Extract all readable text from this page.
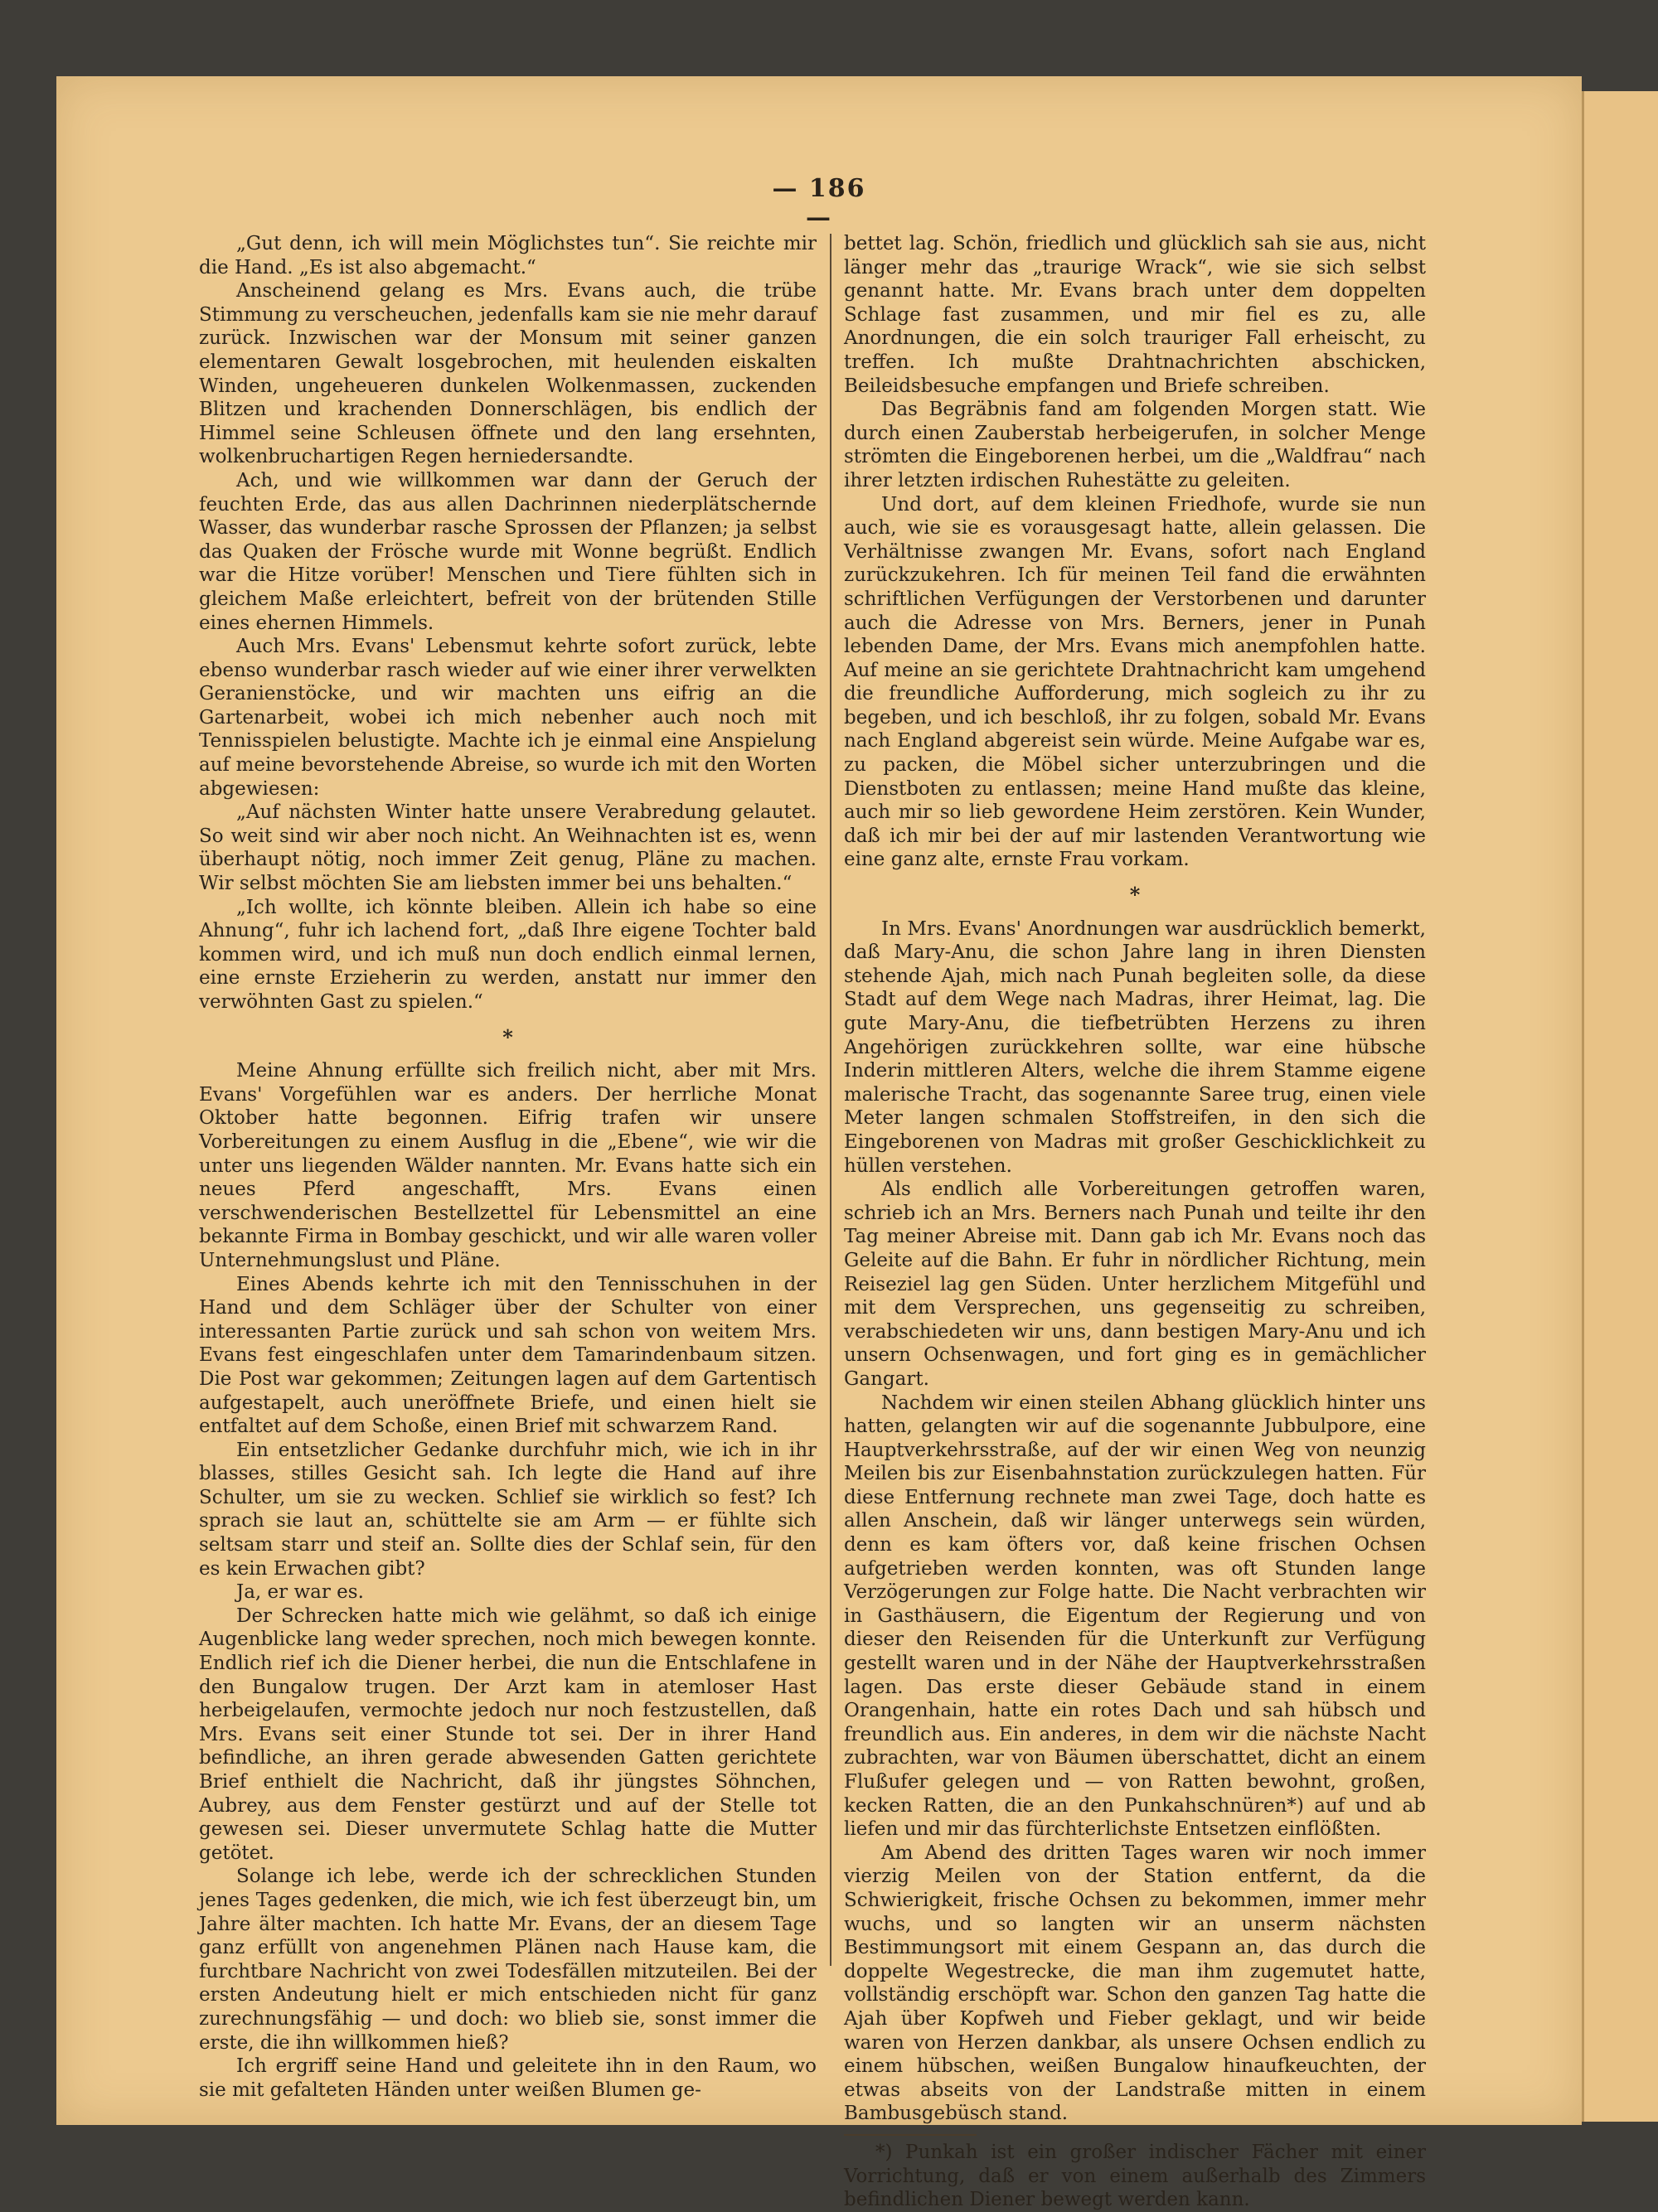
— 186 —

„Gut denn, ich will mein Möglichstes tun“. Sie reichte mir die Hand. „Es ist also abgemacht.“

Anscheinend gelang es Mrs. Evans auch, die trübe Stimmung zu verscheuchen, jedenfalls kam sie nie mehr darauf zurück. Inzwischen war der Monsum mit seiner ganzen elementaren Gewalt losgebrochen, mit heulenden eiskalten Winden, ungeheueren dunkelen Wolkenmassen, zuckenden Blitzen und krachenden Donnerschlägen, bis endlich der Himmel seine Schleusen öffnete und den lang ersehnten, wolkenbruchartigen Regen herniedersandte.

Ach, und wie willkommen war dann der Geruch der feuchten Erde, das aus allen Dachrinnen niederplätschernde Wasser, das wunderbar rasche Sprossen der Pflanzen; ja selbst das Quaken der Frösche wurde mit Wonne begrüßt. Endlich war die Hitze vorüber! Menschen und Tiere fühlten sich in gleichem Maße erleichtert, befreit von der brütenden Stille eines ehernen Himmels.

Auch Mrs. Evans' Lebensmut kehrte sofort zurück, lebte ebenso wunderbar rasch wieder auf wie einer ihrer verwelkten Geranienstöcke, und wir machten uns eifrig an die Gartenarbeit, wobei ich mich nebenher auch noch mit Tennisspielen belustigte. Machte ich je einmal eine Anspielung auf meine bevorstehende Abreise, so wurde ich mit den Worten abgewiesen:

„Auf nächsten Winter hatte unsere Verabredung gelautet. So weit sind wir aber noch nicht. An Weihnachten ist es, wenn überhaupt nötig, noch immer Zeit genug, Pläne zu machen. Wir selbst möchten Sie am liebsten immer bei uns behalten.“

„Ich wollte, ich könnte bleiben. Allein ich habe so eine Ahnung“, fuhr ich lachend fort, „daß Ihre eigene Tochter bald kommen wird, und ich muß nun doch endlich einmal lernen, eine ernste Erzieherin zu werden, anstatt nur immer den verwöhnten Gast zu spielen.“

*

Meine Ahnung erfüllte sich freilich nicht, aber mit Mrs. Evans' Vorgefühlen war es anders. Der herrliche Monat Oktober hatte begonnen. Eifrig trafen wir unsere Vorbereitungen zu einem Ausflug in die „Ebene“, wie wir die unter uns liegenden Wälder nannten. Mr. Evans hatte sich ein neues Pferd angeschafft, Mrs. Evans einen verschwenderischen Bestellzettel für Lebensmittel an eine bekannte Firma in Bombay geschickt, und wir alle waren voller Unternehmungslust und Pläne.

Eines Abends kehrte ich mit den Tennisschuhen in der Hand und dem Schläger über der Schulter von einer interessanten Partie zurück und sah schon von weitem Mrs. Evans fest eingeschlafen unter dem Tamarindenbaum sitzen. Die Post war gekommen; Zeitungen lagen auf dem Gartentisch aufgestapelt, auch uneröffnete Briefe, und einen hielt sie entfaltet auf dem Schoße, einen Brief mit schwarzem Rand.

Ein entsetzlicher Gedanke durchfuhr mich, wie ich in ihr blasses, stilles Gesicht sah. Ich legte die Hand auf ihre Schulter, um sie zu wecken. Schlief sie wirklich so fest? Ich sprach sie laut an, schüttelte sie am Arm — er fühlte sich seltsam starr und steif an. Sollte dies der Schlaf sein, für den es kein Erwachen gibt?

Ja, er war es.

Der Schrecken hatte mich wie gelähmt, so daß ich einige Augenblicke lang weder sprechen, noch mich bewegen konnte. Endlich rief ich die Diener herbei, die nun die Entschlafene in den Bungalow trugen. Der Arzt kam in atemloser Hast herbeigelaufen, vermochte jedoch nur noch festzustellen, daß Mrs. Evans seit einer Stunde tot sei. Der in ihrer Hand befindliche, an ihren gerade abwesenden Gatten gerichtete Brief enthielt die Nachricht, daß ihr jüngstes Söhnchen, Aubrey, aus dem Fenster gestürzt und auf der Stelle tot gewesen sei. Dieser unvermutete Schlag hatte die Mutter getötet.

Solange ich lebe, werde ich der schrecklichen Stunden jenes Tages gedenken, die mich, wie ich fest überzeugt bin, um Jahre älter machten. Ich hatte Mr. Evans, der an diesem Tage ganz erfüllt von angenehmen Plänen nach Hause kam, die furchtbare Nachricht von zwei Todesfällen mitzuteilen. Bei der ersten Andeutung hielt er mich entschieden nicht für ganz zurechnungsfähig — und doch: wo blieb sie, sonst immer die erste, die ihn willkommen hieß?

Ich ergriff seine Hand und geleitete ihn in den Raum, wo sie mit gefalteten Händen unter weißen Blumen ge-

bettet lag. Schön, friedlich und glücklich sah sie aus, nicht länger mehr das „traurige Wrack“, wie sie sich selbst genannt hatte. Mr. Evans brach unter dem doppelten Schlage fast zusammen, und mir fiel es zu, alle Anordnungen, die ein solch trauriger Fall erheischt, zu treffen. Ich mußte Drahtnachrichten abschicken, Beileidsbesuche empfangen und Briefe schreiben.

Das Begräbnis fand am folgenden Morgen statt. Wie durch einen Zauberstab herbeigerufen, in solcher Menge strömten die Eingeborenen herbei, um die „Waldfrau“ nach ihrer letzten irdischen Ruhestätte zu geleiten.

Und dort, auf dem kleinen Friedhofe, wurde sie nun auch, wie sie es vorausgesagt hatte, allein gelassen. Die Verhältnisse zwangen Mr. Evans, sofort nach England zurückzukehren. Ich für meinen Teil fand die erwähnten schriftlichen Verfügungen der Verstorbenen und darunter auch die Adresse von Mrs. Berners, jener in Punah lebenden Dame, der Mrs. Evans mich anempfohlen hatte. Auf meine an sie gerichtete Drahtnachricht kam umgehend die freundliche Aufforderung, mich sogleich zu ihr zu begeben, und ich beschloß, ihr zu folgen, sobald Mr. Evans nach England abgereist sein würde. Meine Aufgabe war es, zu packen, die Möbel sicher unterzubringen und die Dienstboten zu entlassen; meine Hand mußte das kleine, auch mir so lieb gewordene Heim zerstören. Kein Wunder, daß ich mir bei der auf mir lastenden Verantwortung wie eine ganz alte, ernste Frau vorkam.

*

In Mrs. Evans' Anordnungen war ausdrücklich bemerkt, daß Mary-Anu, die schon Jahre lang in ihren Diensten stehende Ajah, mich nach Punah begleiten solle, da diese Stadt auf dem Wege nach Madras, ihrer Heimat, lag. Die gute Mary-Anu, die tiefbetrübten Herzens zu ihren Angehörigen zurückkehren sollte, war eine hübsche Inderin mittleren Alters, welche die ihrem Stamme eigene malerische Tracht, das sogenannte Saree trug, einen viele Meter langen schmalen Stoffstreifen, in den sich die Eingeborenen von Madras mit großer Geschicklichkeit zu hüllen verstehen.

Als endlich alle Vorbereitungen getroffen waren, schrieb ich an Mrs. Berners nach Punah und teilte ihr den Tag meiner Abreise mit. Dann gab ich Mr. Evans noch das Geleite auf die Bahn. Er fuhr in nördlicher Richtung, mein Reiseziel lag gen Süden. Unter herzlichem Mitgefühl und mit dem Versprechen, uns gegenseitig zu schreiben, verabschiedeten wir uns, dann bestigen Mary-Anu und ich unsern Ochsenwagen, und fort ging es in gemächlicher Gangart.

Nachdem wir einen steilen Abhang glücklich hinter uns hatten, gelangten wir auf die sogenannte Jubbulpore, eine Hauptverkehrsstraße, auf der wir einen Weg von neunzig Meilen bis zur Eisenbahnstation zurückzulegen hatten. Für diese Entfernung rechnete man zwei Tage, doch hatte es allen Anschein, daß wir länger unterwegs sein würden, denn es kam öfters vor, daß keine frischen Ochsen aufgetrieben werden konnten, was oft Stunden lange Verzögerungen zur Folge hatte. Die Nacht verbrachten wir in Gasthäusern, die Eigentum der Regierung und von dieser den Reisenden für die Unterkunft zur Verfügung gestellt waren und in der Nähe der Hauptverkehrsstraßen lagen. Das erste dieser Gebäude stand in einem Orangenhain, hatte ein rotes Dach und sah hübsch und freundlich aus. Ein anderes, in dem wir die nächste Nacht zubrachten, war von Bäumen überschattet, dicht an einem Flußufer gelegen und — von Ratten bewohnt, großen, kecken Ratten, die an den Punkahschnüren*) auf und ab liefen und mir das fürchterlichste Entsetzen einflößten.

Am Abend des dritten Tages waren wir noch immer vierzig Meilen von der Station entfernt, da die Schwierigkeit, frische Ochsen zu bekommen, immer mehr wuchs, und so langten wir an unserm nächsten Bestimmungsort mit einem Gespann an, das durch die doppelte Wegestrecke, die man ihm zugemutet hatte, vollständig erschöpft war. Schon den ganzen Tag hatte die Ajah über Kopfweh und Fieber geklagt, und wir beide waren von Herzen dankbar, als unsere Ochsen endlich zu einem hübschen, weißen Bungalow hinaufkeuchten, der etwas abseits von der Landstraße mitten in einem Bambusgebüsch stand.

*) Punkah ist ein großer indischer Fächer mit einer Vorrichtung, daß er von einem außerhalb des Zimmers befindlichen Diener bewegt werden kann.
